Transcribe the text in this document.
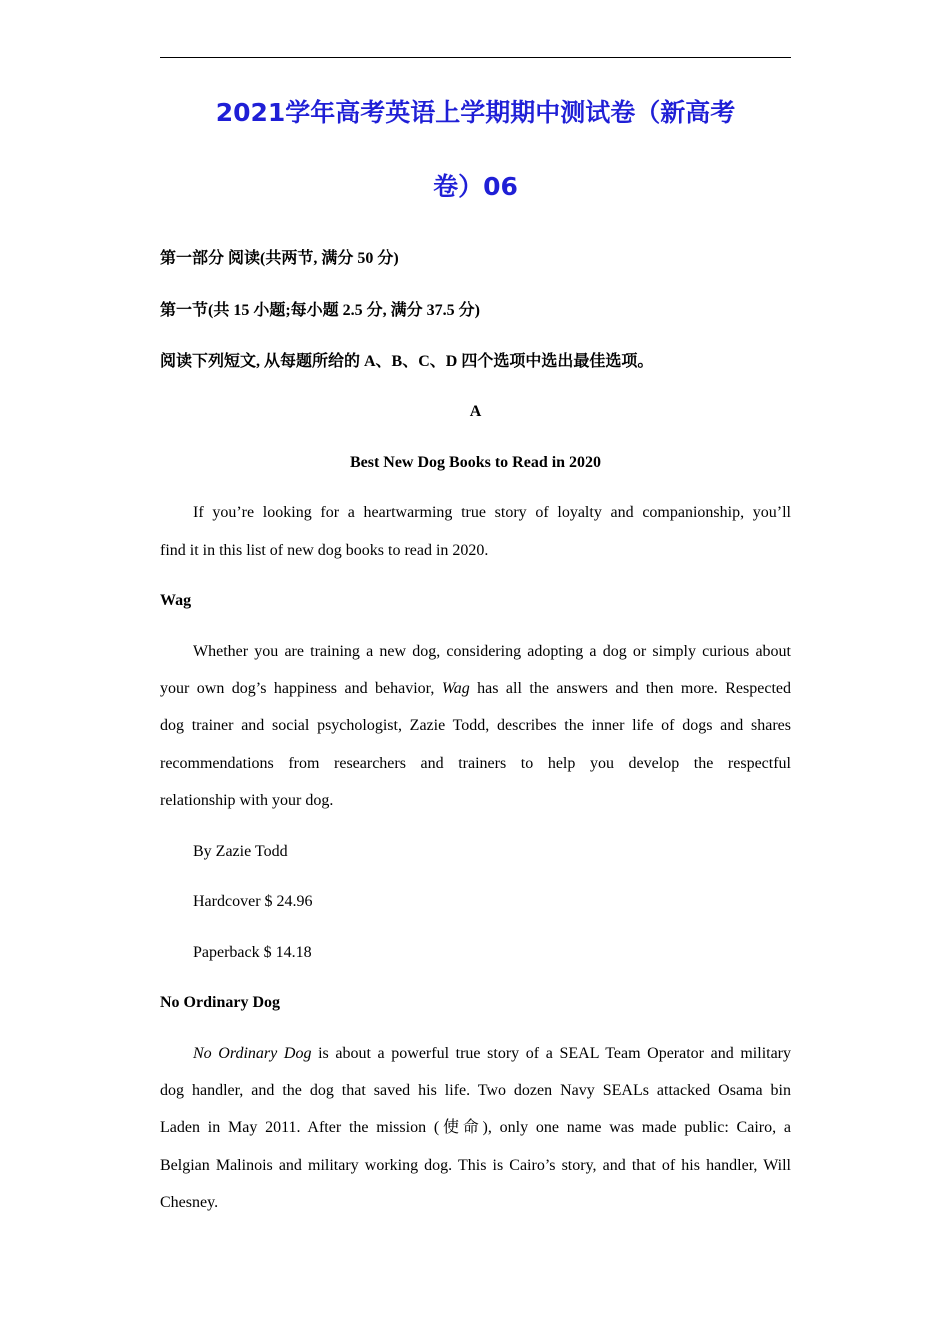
2021学年高考英语上学期期中测试卷（新高考
卷）06
第一部分 阅读(共两节, 满分 50 分)
第一节(共 15 小题;每小题 2.5 分, 满分 37.5 分)
阅读下列短文, 从每题所给的 A、B、C、D 四个选项中选出最佳选项。
A
Best New Dog Books to Read in 2020
If you’re looking for a heartwarming true story of loyalty and companionship, you’ll
find it in this list of new dog books to read in 2020.
Wag
Whether you are training a new dog, considering adopting a dog or simply curious about
your own dog’s happiness and behavior, Wag has all the answers and then more. Respected
dog trainer and social psychologist, Zazie Todd, describes the inner life of dogs and shares
recommendations from researchers and trainers to help you develop the respectful
relationship with your dog.
By Zazie Todd
Hardcover $ 24.96
Paperback $ 14.18
No Ordinary Dog
No Ordinary Dog is about a powerful true story of a SEAL Team Operator and military
dog handler, and the dog that saved his life. Two dozen Navy SEALs attacked Osama bin
Laden in May 2011. After the mission (使命), only one name was made public: Cairo, a
Belgian Malinois and military working dog. This is Cairo’s story, and that of his handler, Will
Chesney.
